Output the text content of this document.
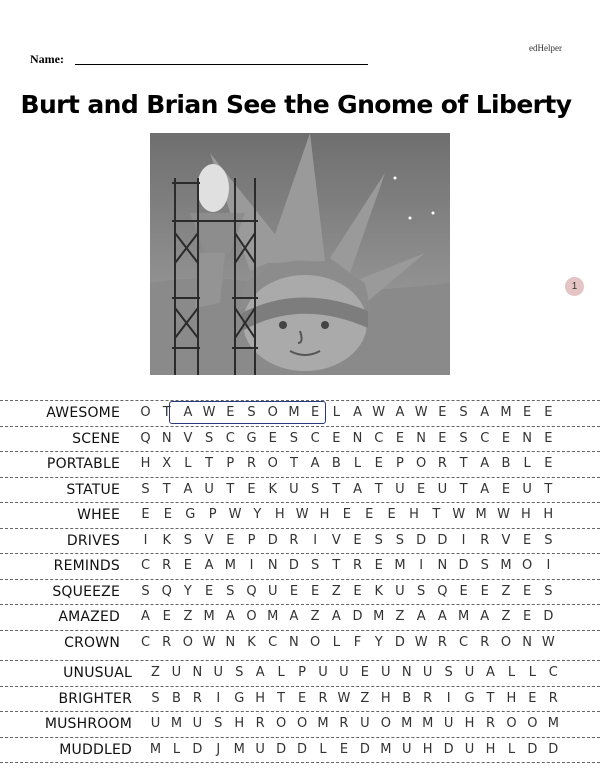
edHelper
Name:
Burt and Brian See the Gnome of Liberty
1
AWESOME O T A W E S O M E	L	A W A W E S A M E E
SCENE Q N V S C G E S C E N C E N E S C E N E
PORTABLE H X	L	T	P R O T A B	L	E	P O R T A B	L	E
STATUE	S	T A U T	E K U S	T A T U E U T A E U T
WHEE	E	E	G	P W Y	H W H	E	E	E	H	T W M W H H
DRIVES	I	K S V E	P D R	I	V E S S D D	I	R V E S
REMINDS	C R E A M	I	N D S	T R E M	I	N D S M O	I
SQUEEZE	S Q Y	E S Q U E E Z E K U S Q E E Z E S
AMAZED	A E Z M A O M A Z A D M Z A A M A Z E D
CROWN	C R O W N K C N O L	F	Y D W R C R O N W
UNUSUAL	Z U N U S A L	P U U E U N U S U A L	L C
BRIGHTER	S B R	I	G H T E R W Z H B R	I	G T H E R
MUSHROOM U M U S H R O O M R U O M M U H R O O M
MUDDLED M L D	J	M U D D L	E D M U H D U H L D D
